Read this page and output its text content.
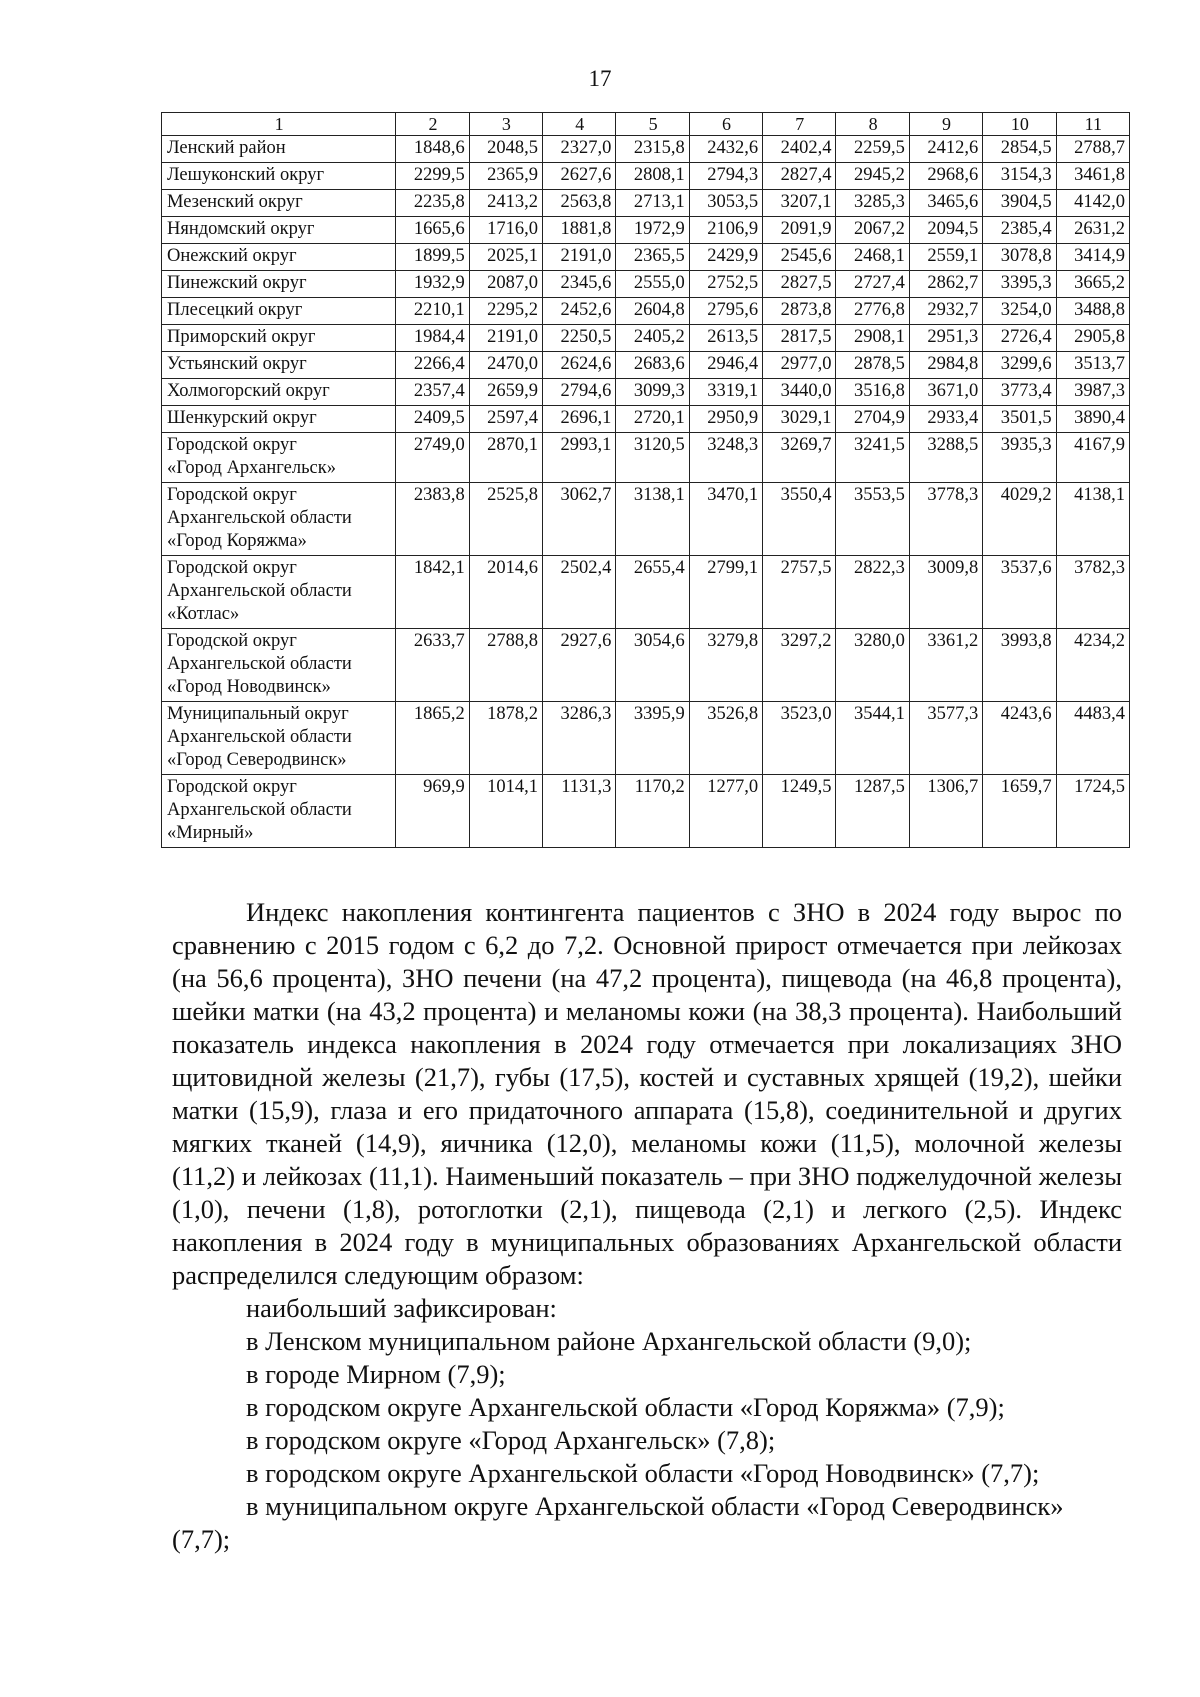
17
1	2	3	4	5	6	7	8	9	10	11
Ленский район	1848,6	2048,5	2327,0	2315,8	2432,6	2402,4	2259,5	2412,6	2854,5	2788,7
Лешуконский округ	2299,5	2365,9	2627,6	2808,1	2794,3	2827,4	2945,2	2968,6	3154,3	3461,8
Мезенский округ	2235,8	2413,2	2563,8	2713,1	3053,5	3207,1	3285,3	3465,6	3904,5	4142,0
Няндомский округ	1665,6	1716,0	1881,8	1972,9	2106,9	2091,9	2067,2	2094,5	2385,4	2631,2
Онежский округ	1899,5	2025,1	2191,0	2365,5	2429,9	2545,6	2468,1	2559,1	3078,8	3414,9
Пинежский округ	1932,9	2087,0	2345,6	2555,0	2752,5	2827,5	2727,4	2862,7	3395,3	3665,2
Плесецкий округ	2210,1	2295,2	2452,6	2604,8	2795,6	2873,8	2776,8	2932,7	3254,0	3488,8
Приморский округ	1984,4	2191,0	2250,5	2405,2	2613,5	2817,5	2908,1	2951,3	2726,4	2905,8
Устьянский округ	2266,4	2470,0	2624,6	2683,6	2946,4	2977,0	2878,5	2984,8	3299,6	3513,7
Холмогорский округ	2357,4	2659,9	2794,6	3099,3	3319,1	3440,0	3516,8	3671,0	3773,4	3987,3
Шенкурский округ	2409,5	2597,4	2696,1	2720,1	2950,9	3029,1	2704,9	2933,4	3501,5	3890,4

Городской округ
«Город Архангельск»	2749,0	2870,1	2993,1	3120,5	3248,3	3269,7	3241,5	3288,5	3935,3	4167,9

Городской округ
Архангельской области
«Город Коряжма»	2383,8	2525,8	3062,7	3138,1	3470,1	3550,4	3553,5	3778,3	4029,2	4138,1

Городской округ
Архангельской области
«Котлас»	1842,1	2014,6	2502,4	2655,4	2799,1	2757,5	2822,3	3009,8	3537,6	3782,3

Городской округ
Архангельской области
«Город Новодвинск»	2633,7	2788,8	2927,6	3054,6	3279,8	3297,2	3280,0	3361,2	3993,8	4234,2

Муниципальный округ
Архангельской области
«Город Северодвинск»	1865,2	1878,2	3286,3	3395,9	3526,8	3523,0	3544,1	3577,3	4243,6	4483,4

Городской округ
Архангельской области
«Мирный»	969,9	1014,1	1131,3	1170,2	1277,0	1249,5	1287,5	1306,7	1659,7	1724,5

Индекс накопления контингента пациентов с ЗНО в 2024 году вырос по сравнению с 2015 годом с 6,2 до 7,2. Основной прирост отмечается при лейкозах (на 56,6 процента), ЗНО печени (на 47,2 процента), пищевода (на 46,8 процента), шейки матки (на 43,2 процента) и меланомы кожи (на 38,3 процента). Наибольший показатель индекса накопления в 2024 году отмечается при локализациях ЗНО щитовидной железы (21,7), губы (17,5), костей и суставных хрящей (19,2), шейки матки (15,9), глаза и его придаточного аппарата (15,8), соединительной и других мягких тканей (14,9), яичника (12,0), меланомы кожи (11,5), молочной железы (11,2) и лейкозах (11,1). Наименьший показатель – при ЗНО поджелудочной железы (1,0), печени (1,8), ротоглотки (2,1), пищевода (2,1) и легкого (2,5). Индекс накопления в 2024 году в муниципальных образованиях Архангельской области распределился следующим образом:

наибольший зафиксирован:
в Ленском муниципальном районе Архангельской области (9,0);
в городе Мирном (7,9);
в городском округе Архангельской области «Город Коряжма» (7,9);
в городском округе «Город Архангельск» (7,8);
в городском округе Архангельской области «Город Новодвинск» (7,7);
в муниципальном округе Архангельской области «Город Северодвинск» (7,7);
